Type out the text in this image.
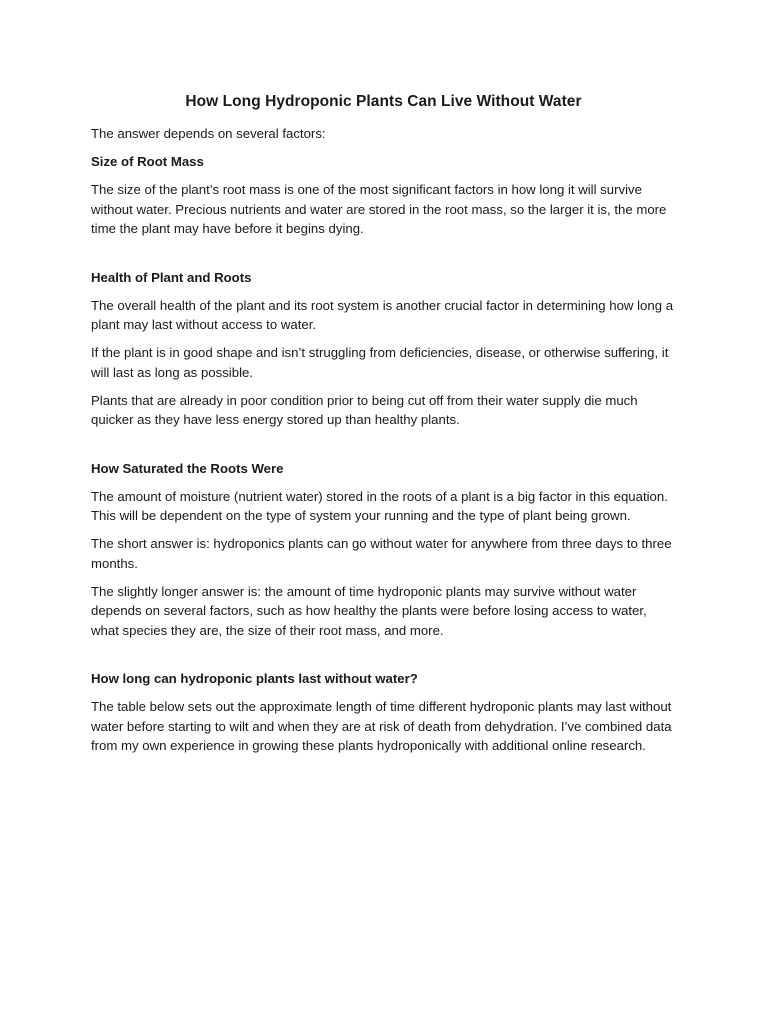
How Long Hydroponic Plants Can Live Without Water

The answer depends on several factors:

Size of Root Mass

The size of the plant’s root mass is one of the most significant factors in how long it will survive without water. Precious nutrients and water are stored in the root mass, so the larger it is, the more time the plant may have before it begins dying.

Health of Plant and Roots

The overall health of the plant and its root system is another crucial factor in determining how long a plant may last without access to water.

If the plant is in good shape and isn’t struggling from deficiencies, disease, or otherwise suffering, it will last as long as possible.

Plants that are already in poor condition prior to being cut off from their water supply die much quicker as they have less energy stored up than healthy plants.

How Saturated the Roots Were

The amount of moisture (nutrient water) stored in the roots of a plant is a big factor in this equation. This will be dependent on the type of system your running and the type of plant being grown.

The short answer is: hydroponics plants can go without water for anywhere from three days to three months.

The slightly longer answer is: the amount of time hydroponic plants may survive without water depends on several factors, such as how healthy the plants were before losing access to water, what species they are, the size of their root mass, and more.

How long can hydroponic plants last without water?

The table below sets out the approximate length of time different hydroponic plants may last without water before starting to wilt and when they are at risk of death from dehydration. I’ve combined data from my own experience in growing these plants hydroponically with additional online research.
